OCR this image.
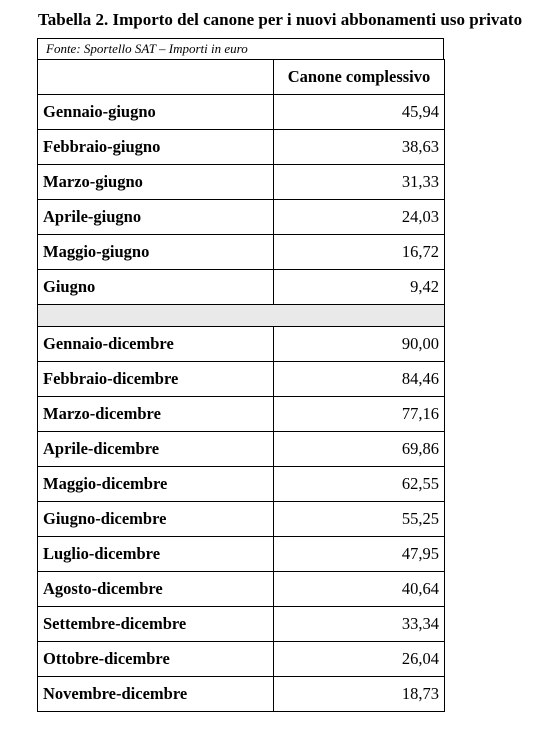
Tabella 2. Importo del canone per i nuovi abbonamenti uso privato
Fonte: Sportello SAT – Importi in euro
	Canone complessivo
Gennaio-giugno	45,94
Febbraio-giugno	38,63
Marzo-giugno	31,33
Aprile-giugno	24,03
Maggio-giugno	16,72
Giugno	9,42

Gennaio-dicembre	90,00
Febbraio-dicembre	84,46
Marzo-dicembre	77,16
Aprile-dicembre	69,86
Maggio-dicembre	62,55
Giugno-dicembre	55,25
Luglio-dicembre	47,95
Agosto-dicembre	40,64
Settembre-dicembre	33,34
Ottobre-dicembre	26,04
Novembre-dicembre	18,73
